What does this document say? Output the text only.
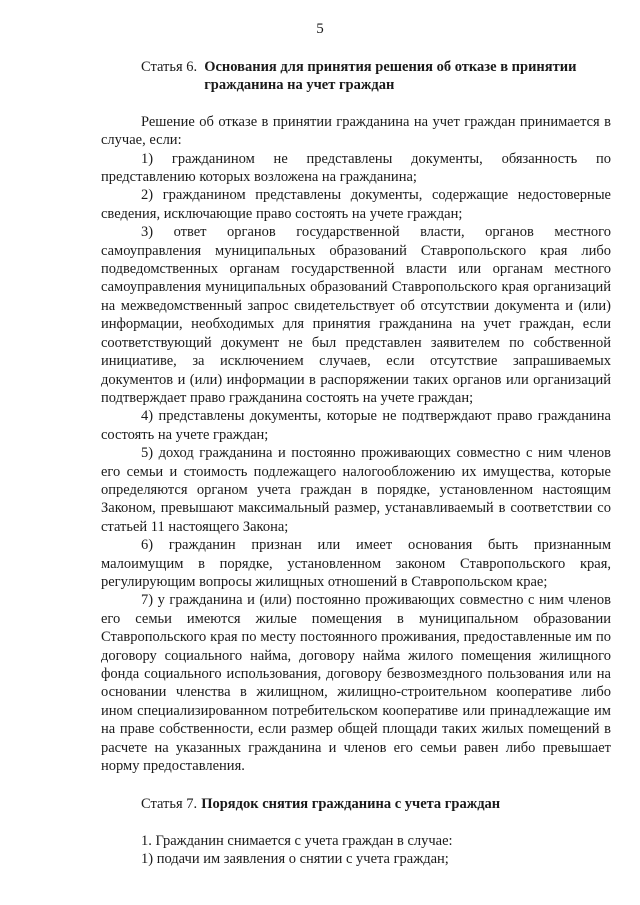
5
Статья 6. Основания для принятия решения об отказе в принятии гражданина на учет граждан

Решение об отказе в принятии гражданина на учет граждан принимается в случае, если:

1) гражданином не представлены документы, обязанность по представлению которых возложена на гражданина;

2) гражданином представлены документы, содержащие недостоверные сведения, исключающие право состоять на учете граждан;

3) ответ органов государственной власти, органов местного самоуправления муниципальных образований Ставропольского края либо подведомственных органам государственной власти или органам местного самоуправления муниципальных образований Ставропольского края организаций на межведомственный запрос свидетельствует об отсутствии документа и (или) информации, необходимых для принятия гражданина на учет граждан, если соответствующий документ не был представлен заявителем по собственной инициативе, за исключением случаев, если отсутствие запрашиваемых документов и (или) информации в распоряжении таких органов или организаций подтверждает право гражданина состоять на учете граждан;

4) представлены документы, которые не подтверждают право гражданина состоять на учете граждан;

5) доход гражданина и постоянно проживающих совместно с ним членов его семьи и стоимость подлежащего налогообложению их имущества, которые определяются органом учета граждан в порядке, установленном настоящим Законом, превышают максимальный размер, устанавливаемый в соответствии со статьей 11 настоящего Закона;

6) гражданин признан или имеет основания быть признанным малоимущим в порядке, установленном законом Ставропольского края, регулирующим вопросы жилищных отношений в Ставропольском крае;

7) у гражданина и (или) постоянно проживающих совместно с ним членов его семьи имеются жилые помещения в муниципальном образовании Ставропольского края по месту постоянного проживания, предоставленные им по договору социального найма, договору найма жилого помещения жилищного фонда социального использования, договору безвозмездного пользования или на основании членства в жилищном, жилищно-строительном кооперативе либо ином специализированном потребительском кооперативе или принадлежащие им на праве собственности, если размер общей площади таких жилых помещений в расчете на указанных гражданина и членов его семьи равен либо превышает норму предоставления.

Статья 7. Порядок снятия гражданина с учета граждан

1. Гражданин снимается с учета граждан в случае:

1) подачи им заявления о снятии с учета граждан;
